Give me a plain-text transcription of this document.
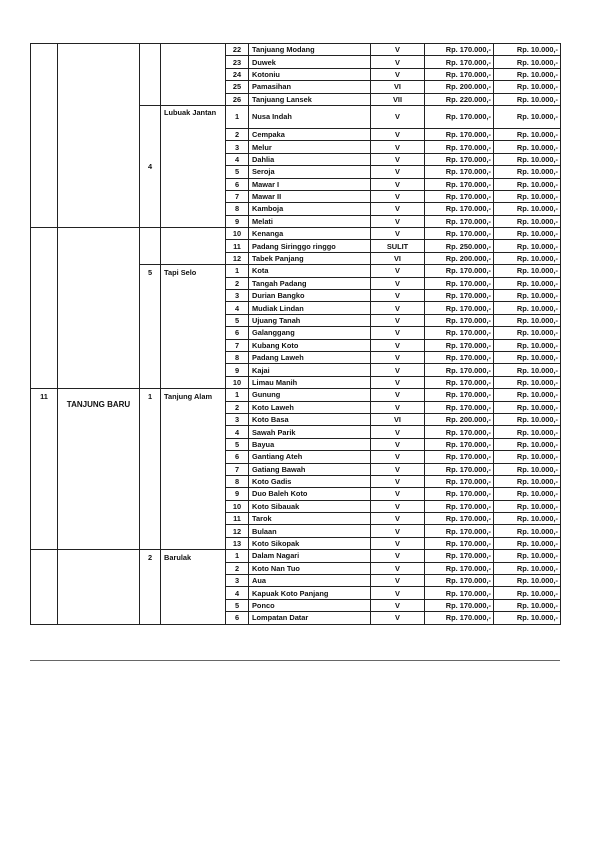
				22	Tanjuang Modang	V	Rp. 170.000,-	Rp. 10.000,-
				23	Duwek	V	Rp. 170.000,-	Rp. 10.000,-
				24	Kotoniu	V	Rp. 170.000,-	Rp. 10.000,-
				25	Pamasihan	VI	Rp. 200.000,-	Rp. 10.000,-
				26	Tanjuang Lansek	VII	Rp. 220.000,-	Rp. 10.000,-
		4	Lubuak Jantan	1	Nusa Indah	V	Rp. 170.000,-	Rp. 10.000,-
				2	Cempaka	V	Rp. 170.000,-	Rp. 10.000,-
				3	Melur	V	Rp. 170.000,-	Rp. 10.000,-
				4	Dahlia	V	Rp. 170.000,-	Rp. 10.000,-
				5	Seroja	V	Rp. 170.000,-	Rp. 10.000,-
				6	Mawar I	V	Rp. 170.000,-	Rp. 10.000,-
				7	Mawar II	V	Rp. 170.000,-	Rp. 10.000,-
				8	Kamboja	V	Rp. 170.000,-	Rp. 10.000,-
				9	Melati	V	Rp. 170.000,-	Rp. 10.000,-
				10	Kenanga	V	Rp. 170.000,-	Rp. 10.000,-
				11	Padang Siringgo ringgo	SULIT	Rp. 250.000,-	Rp. 10.000,-
				12	Tabek Panjang	VI	Rp. 200.000,-	Rp. 10.000,-
		5	Tapi Selo	1	Kota	V	Rp. 170.000,-	Rp. 10.000,-
				2	Tangah Padang	V	Rp. 170.000,-	Rp. 10.000,-
				3	Durian Bangko	V	Rp. 170.000,-	Rp. 10.000,-
				4	Mudiak Lindan	V	Rp. 170.000,-	Rp. 10.000,-
				5	Ujuang Tanah	V	Rp. 170.000,-	Rp. 10.000,-
				6	Galanggang	V	Rp. 170.000,-	Rp. 10.000,-
				7	Kubang Koto	V	Rp. 170.000,-	Rp. 10.000,-
				8	Padang Laweh	V	Rp. 170.000,-	Rp. 10.000,-
				9	Kajai	V	Rp. 170.000,-	Rp. 10.000,-
				10	Limau Manih	V	Rp. 170.000,-	Rp. 10.000,-
11	TANJUNG BARU	1	Tanjung Alam	1	Gunung	V	Rp. 170.000,-	Rp. 10.000,-
				2	Koto Laweh	V	Rp. 170.000,-	Rp. 10.000,-
				3	Koto Basa	VI	Rp. 200.000,-	Rp. 10.000,-
				4	Sawah Parik	V	Rp. 170.000,-	Rp. 10.000,-
				5	Bayua	V	Rp. 170.000,-	Rp. 10.000,-
				6	Gantiang Ateh	V	Rp. 170.000,-	Rp. 10.000,-
				7	Gatiang Bawah	V	Rp. 170.000,-	Rp. 10.000,-
				8	Koto Gadis	V	Rp. 170.000,-	Rp. 10.000,-
				9	Duo Baleh Koto	V	Rp. 170.000,-	Rp. 10.000,-
				10	Koto Sibauak	V	Rp. 170.000,-	Rp. 10.000,-
				11	Tarok	V	Rp. 170.000,-	Rp. 10.000,-
				12	Bulaan	V	Rp. 170.000,-	Rp. 10.000,-
				13	Koto Sikopak	V	Rp. 170.000,-	Rp. 10.000,-
		2	Barulak	1	Dalam Nagari	V	Rp. 170.000,-	Rp. 10.000,-
				2	Koto Nan Tuo	V	Rp. 170.000,-	Rp. 10.000,-
				3	Aua	V	Rp. 170.000,-	Rp. 10.000,-
				4	Kapuak Koto Panjang	V	Rp. 170.000,-	Rp. 10.000,-
				5	Ponco	V	Rp. 170.000,-	Rp. 10.000,-
				6	Lompatan Datar	V	Rp. 170.000,-	Rp. 10.000,-
